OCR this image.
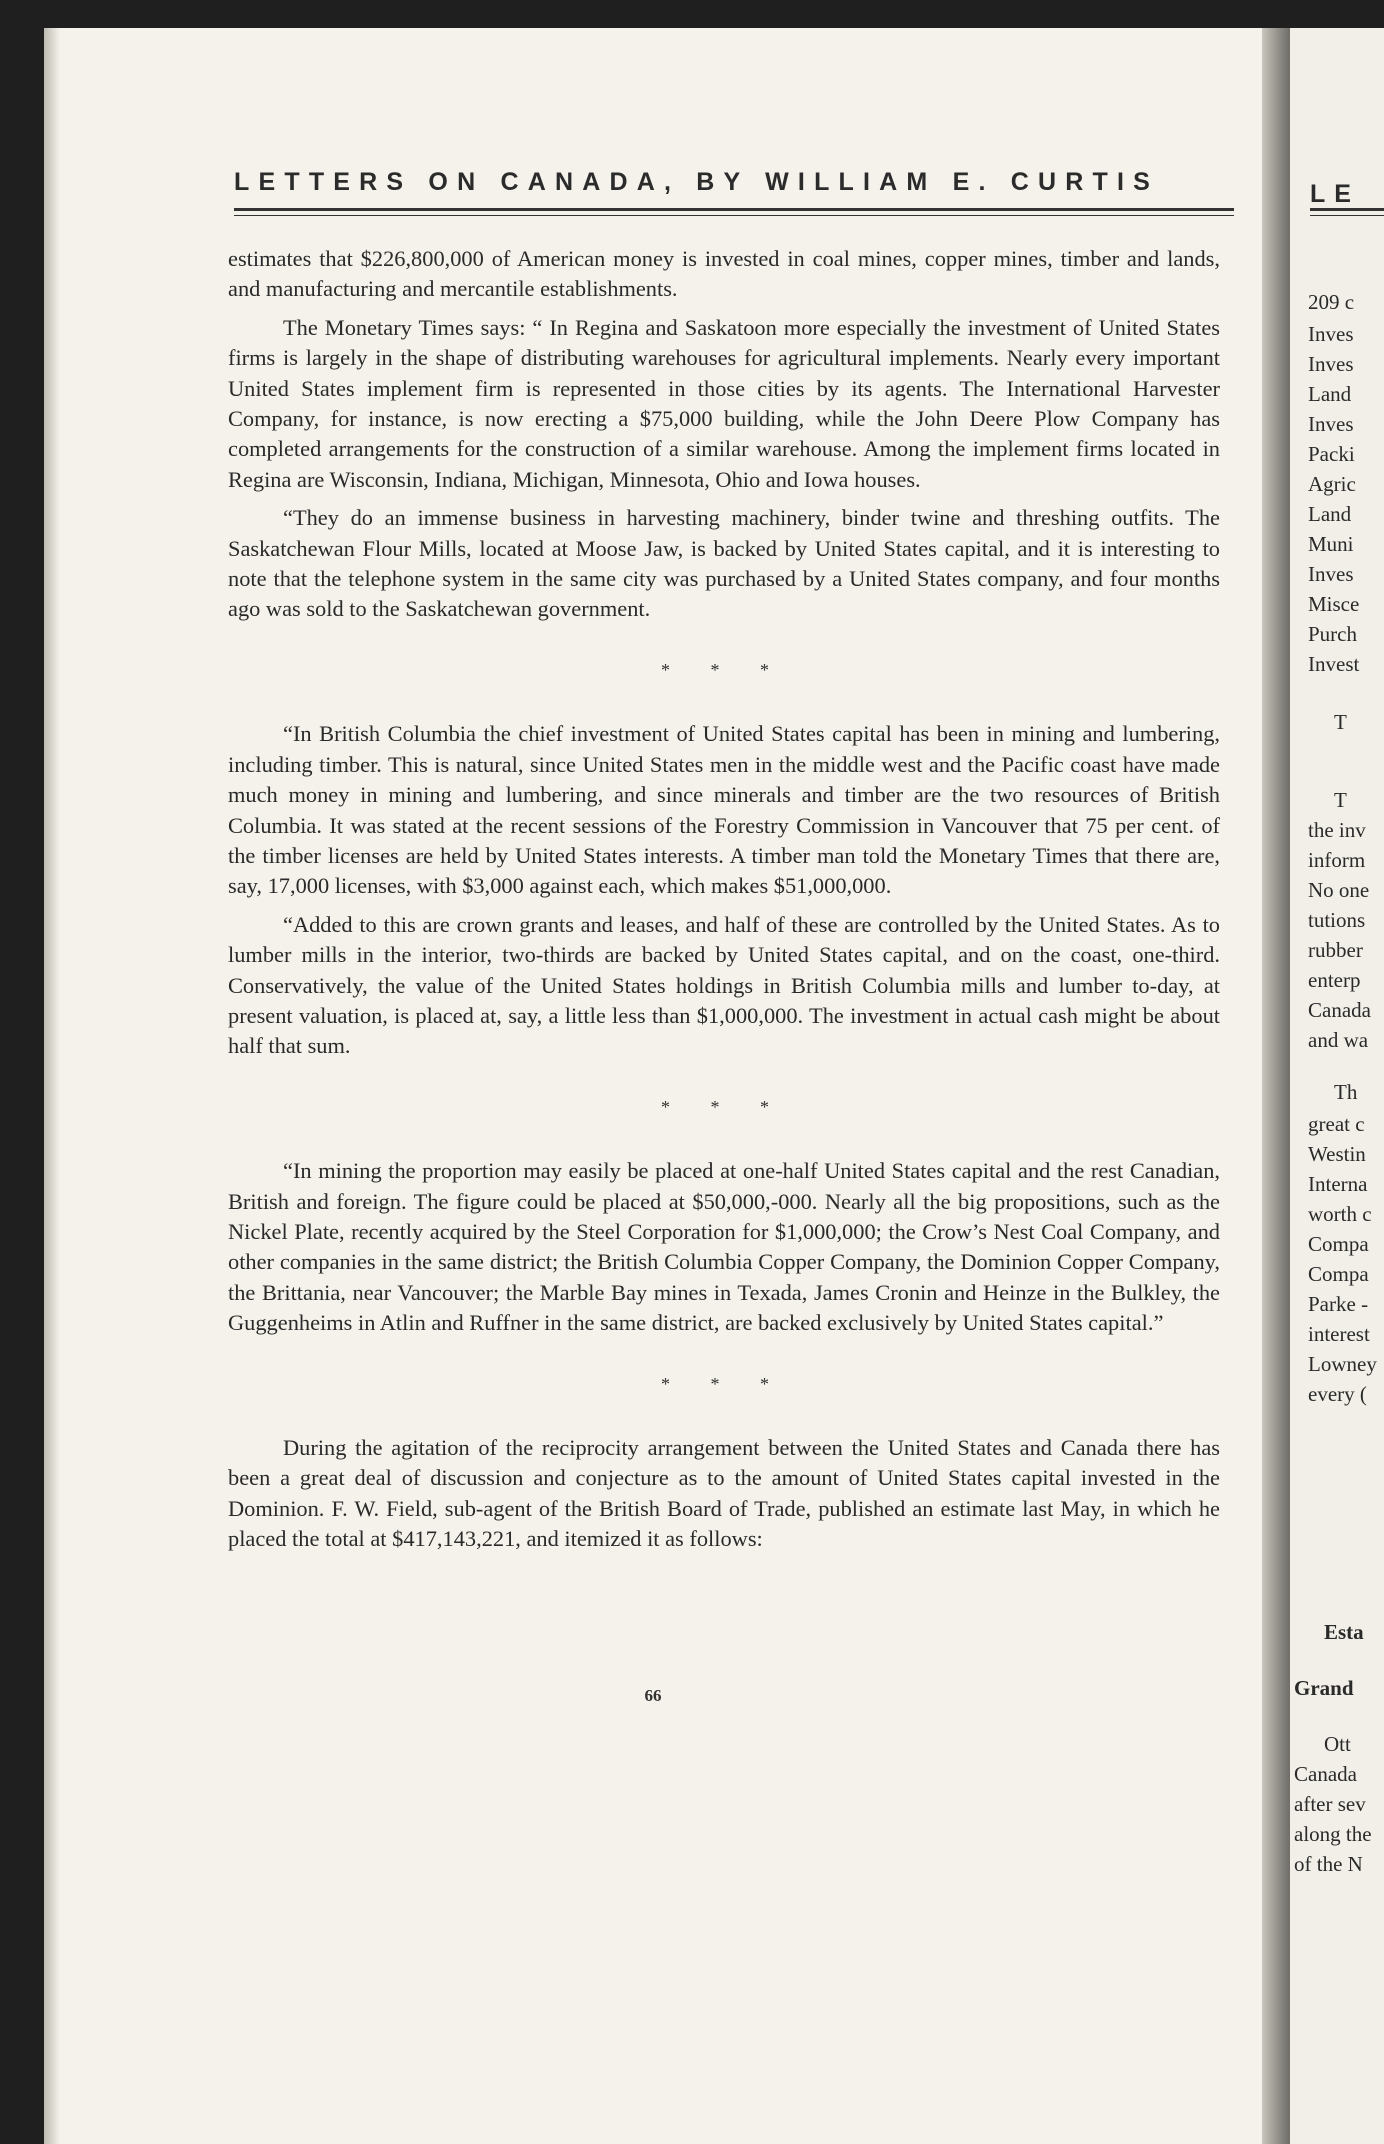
LETTERS ON CANADA, BY WILLIAM E. CURTIS

estimates that $226,800,000 of American money is invested in coal mines, copper mines, timber and lands, and manufacturing and mercantile establishments.

The Monetary Times says: “ In Regina and Saskatoon more especially the investment of United States firms is largely in the shape of distributing warehouses for agricultural implements. Nearly every important United States implement firm is represented in those cities by its agents. The International Harvester Company, for instance, is now erecting a $75,000 building, while the John Deere Plow Company has completed arrangements for the construction of a similar warehouse. Among the implement firms located in Regina are Wisconsin, Indiana, Michigan, Minnesota, Ohio and Iowa houses.

“They do an immense business in harvesting machinery, binder twine and threshing outfits. The Saskatchewan Flour Mills, located at Moose Jaw, is backed by United States capital, and it is interesting to note that the telephone system in the same city was purchased by a United States company, and four months ago was sold to the Saskatchewan government.

* * *

“In British Columbia the chief investment of United States capital has been in mining and lumbering, including timber. This is natural, since United States men in the middle west and the Pacific coast have made much money in mining and lumbering, and since minerals and timber are the two resources of British Columbia. It was stated at the recent sessions of the Forestry Commission in Vancouver that 75 per cent. of the timber licenses are held by United States interests. A timber man told the Monetary Times that there are, say, 17,000 licenses, with $3,000 against each, which makes $51,000,000.

“Added to this are crown grants and leases, and half of these are controlled by the United States. As to lumber mills in the interior, two-thirds are backed by United States capital, and on the coast, one-third. Conservatively, the value of the United States holdings in British Columbia mills and lumber to-day, at present valuation, is placed at, say, a little less than $1,000,000. The investment in actual cash might be about half that sum.

* * *

“In mining the proportion may easily be placed at one-half United States capital and the rest Canadian, British and foreign. The figure could be placed at $50,000,-000. Nearly all the big propositions, such as the Nickel Plate, recently acquired by the Steel Corporation for $1,000,000; the Crow’s Nest Coal Company, and other companies in the same district; the British Columbia Copper Company, the Dominion Copper Company, the Brittania, near Vancouver; the Marble Bay mines in Texada, James Cronin and Heinze in the Bulkley, the Guggenheims in Atlin and Ruffner in the same district, are backed exclusively by United States capital.”

* * *

During the agitation of the reciprocity arrangement between the United States and Canada there has been a great deal of discussion and conjecture as to the amount of United States capital invested in the Dominion. F. W. Field, sub-agent of the British Board of Trade, published an estimate last May, in which he placed the total at $417,143,221, and itemized it as follows:

66
LE
209 c
Inves
Inves
Land
Inves
Packi
Agric
Land
Muni
Inves
Misce
Purch
Invest
T
T
the inv
inform
No one
tutions
rubber
enterp
Canada
and wa
Th
great c
Westin
Interna
worth c
Compa
Compa
Parke -
interest
Lowney
every (
Esta
Grand
Ott
Canada
after sev
along the
of the N
